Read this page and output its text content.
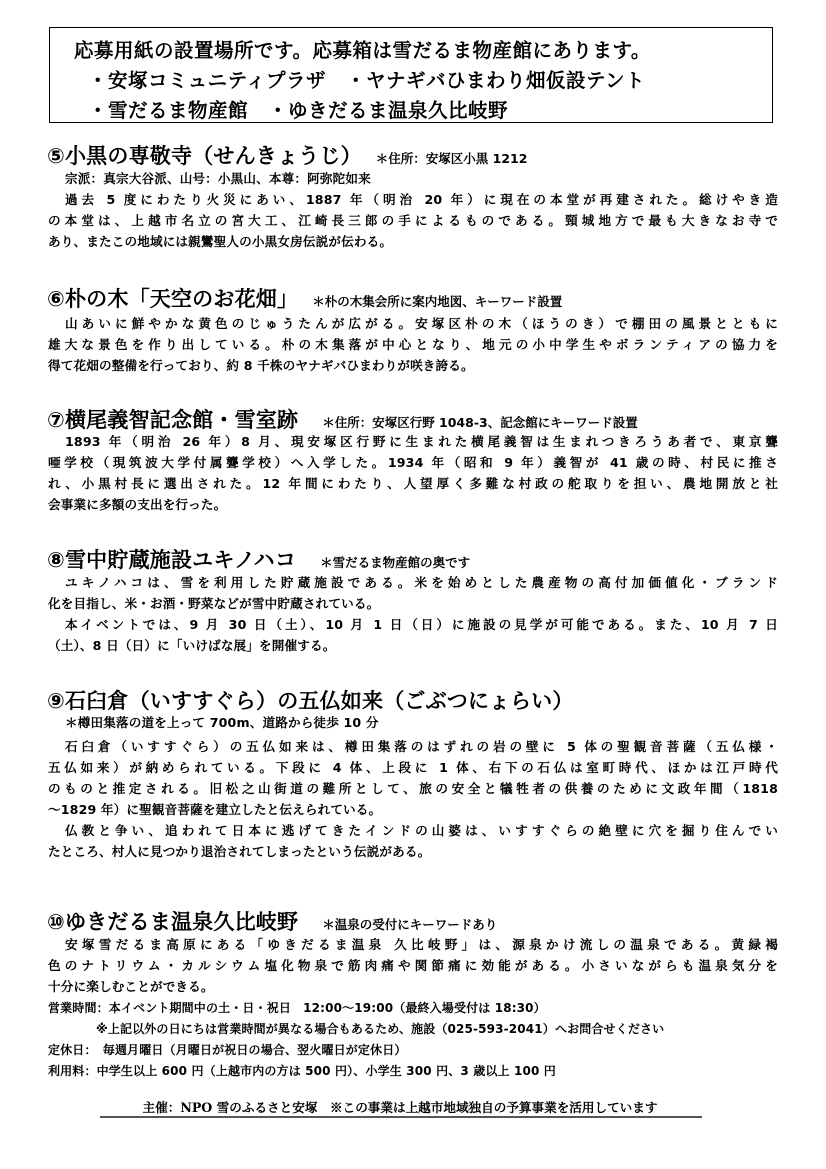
応募用紙の設置場所です。応募箱は雪だるま物産館にあります。
・安塚コミュニティプラザ　・ヤナギバひまわり畑仮設テント
・雪だるま物産館　・ゆきだるま温泉久比岐野
⑤小黒の専敬寺（せんきょうじ） ＊住所：安塚区小黒 1212
宗派：真宗大谷派、山号：小黒山、本尊：阿弥陀如来
過去 5 度にわたり火災にあい、1887 年（明治 20 年）に現在の本堂が再建された。総けやき造
の本堂は、上越市名立の宮大工、江崎長三郎の手によるものである。頸城地方で最も大きなお寺で
あり、またこの地域には親鸞聖人の小黒女房伝説が伝わる。
⑥朴の木「天空のお花畑」 ＊朴の木集会所に案内地図、キーワード設置
山あいに鮮やかな黄色のじゅうたんが広がる。安塚区朴の木（ほうのき）で棚田の風景とともに
雄大な景色を作り出している。朴の木集落が中心となり、地元の小中学生やボランティアの協力を
得て花畑の整備を行っており、約 8 千株のヤナギバひまわりが咲き誇る。
⑦横尾義智記念館・雪室跡 ＊住所：安塚区行野 1048-3、記念館にキーワード設置
1893 年（明治 26 年）8 月、現安塚区行野に生まれた横尾義智は生まれつきろうあ者で、東京聾
唖学校（現筑波大学付属聾学校）へ入学した。1934 年（昭和 9 年）義智が 41 歳の時、村民に推さ
れ、小黒村長に選出された。12 年間にわたり、人望厚く多難な村政の舵取りを担い、農地開放と社
会事業に多額の支出を行った。
⑧雪中貯蔵施設ユキノハコ ＊雪だるま物産館の奥です
ユキノハコは、雪を利用した貯蔵施設である。米を始めとした農産物の高付加価値化・ブランド
化を目指し、米・お酒・野菜などが雪中貯蔵されている。
本イベントでは、9 月 30 日（土）、10 月 1 日（日）に施設の見学が可能である。また、10 月 7 日
（土）、8 日（日）に「いけばな展」を開催する。
⑨石臼倉（いすすぐら）の五仏如来（ごぶつにょらい）
＊樽田集落の道を上って 700m、道路から徒歩 10 分
石臼倉（いすすぐら）の五仏如来は、樽田集落のはずれの岩の壁に 5 体の聖観音菩薩（五仏様・
五仏如来）が納められている。下段に 4 体、上段に 1 体、右下の石仏は室町時代、ほかは江戸時代
のものと推定される。旧松之山街道の難所として、旅の安全と犠牲者の供養のために文政年間（1818
～1829 年）に聖観音菩薩を建立したと伝えられている。
仏教と争い、追われて日本に逃げてきたインドの山婆は、いすすぐらの絶壁に穴を掘り住んでい
たところ、村人に見つかり退治されてしまったという伝説がある。
⑩ゆきだるま温泉久比岐野 ＊温泉の受付にキーワードあり
安塚雪だるま高原にある「ゆきだるま温泉 久比岐野」は、源泉かけ流しの温泉である。黄緑褐
色のナトリウム・カルシウム塩化物泉で筋肉痛や関節痛に効能がある。小さいながらも温泉気分を
十分に楽しむことができる。
営業時間：本イベント期間中の土・日・祝日　12:00～19:00（最終入場受付は 18:30）
※上記以外の日にちは営業時間が異なる場合もあるため、施設（025-593-2041）へお問合せください
定休日：　毎週月曜日（月曜日が祝日の場合、翌火曜日が定休日）
利用料：中学生以上 600 円（上越市内の方は 500 円）、小学生 300 円、3 歳以上 100 円
主催：NPO 雪のふるさと安塚　※この事業は上越市地域独自の予算事業を活用しています
